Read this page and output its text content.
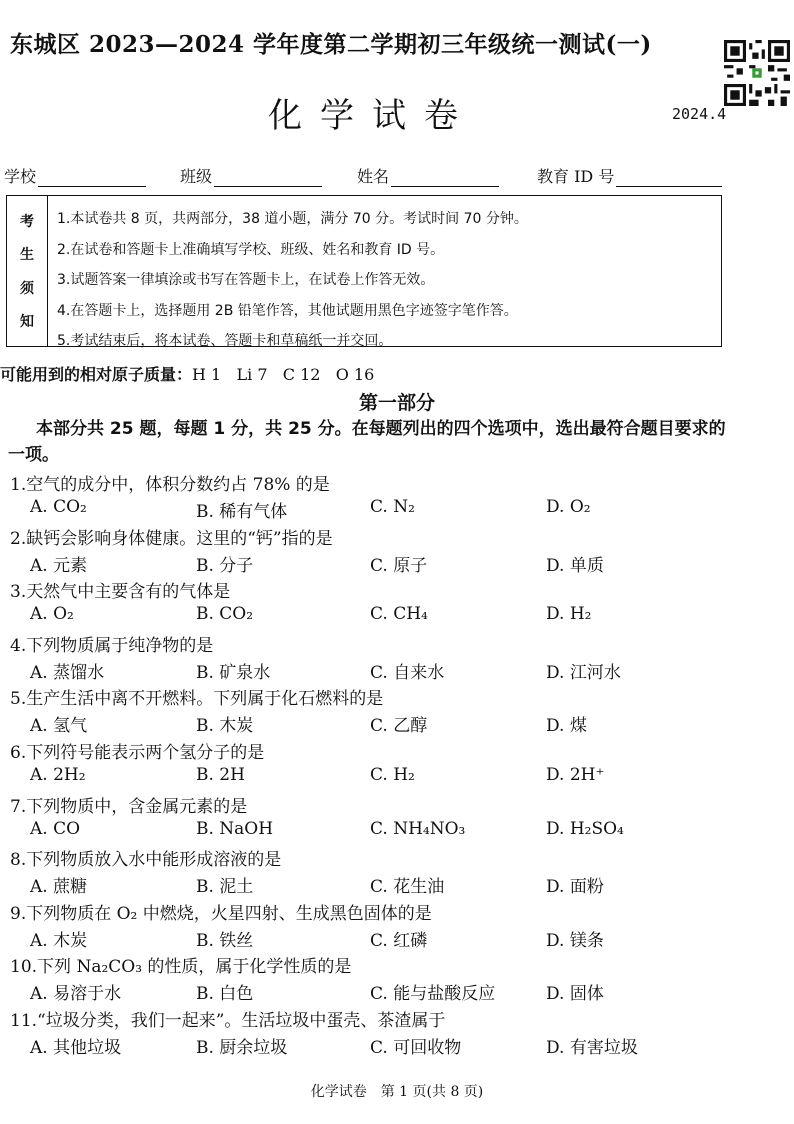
东城区 2023—2024 学年度第二学期初三年级统一测试(一)
化学试卷	2024.4
学校	班级	姓名	教育 ID 号
考
生
须
知
1.本试卷共 8 页，共两部分，38 道小题，满分 70 分。考试时间 70 分钟。
2.在试卷和答题卡上准确填写学校、班级、姓名和教育 ID 号。
3.试题答案一律填涂或书写在答题卡上，在试卷上作答无效。
4.在答题卡上，选择题用 2B 铅笔作答，其他试题用黑色字迹签字笔作答。
5.考试结束后，将本试卷、答题卡和草稿纸一并交回。
可能用到的相对原子质量：H 1   Li 7   C 12   O 16
第一部分
本部分共 25 题，每题 1 分，共 25 分。在每题列出的四个选项中，选出最符合题目要求的一项。
1.空气的成分中，体积分数约占 78% 的是
A. CO₂	B. 稀有气体	C. N₂	D. O₂
2.缺钙会影响身体健康。这里的“钙”指的是
A. 元素	B. 分子	C. 原子	D. 单质
3.天然气中主要含有的气体是
A. O₂	B. CO₂	C. CH₄	D. H₂
4.下列物质属于纯净物的是
A. 蒸馏水	B. 矿泉水	C. 自来水	D. 江河水
5.生产生活中离不开燃料。下列属于化石燃料的是
A. 氢气	B. 木炭	C. 乙醇	D. 煤
6.下列符号能表示两个氢分子的是
A. 2H₂	B. 2H	C. H₂	D. 2H⁺
7.下列物质中，含金属元素的是
A. CO	B. NaOH	C. NH₄NO₃	D. H₂SO₄
8.下列物质放入水中能形成溶液的是
A. 蔗糖	B. 泥土	C. 花生油	D. 面粉
9.下列物质在 O₂ 中燃烧，火星四射、生成黑色固体的是
A. 木炭	B. 铁丝	C. 红磷	D. 镁条
10.下列 Na₂CO₃ 的性质，属于化学性质的是
A. 易溶于水	B. 白色	C. 能与盐酸反应	D. 固体
11.“垃圾分类，我们一起来”。生活垃圾中蛋壳、茶渣属于
A. 其他垃圾	B. 厨余垃圾	C. 可回收物	D. 有害垃圾
化学试卷　第 1 页(共 8 页)
